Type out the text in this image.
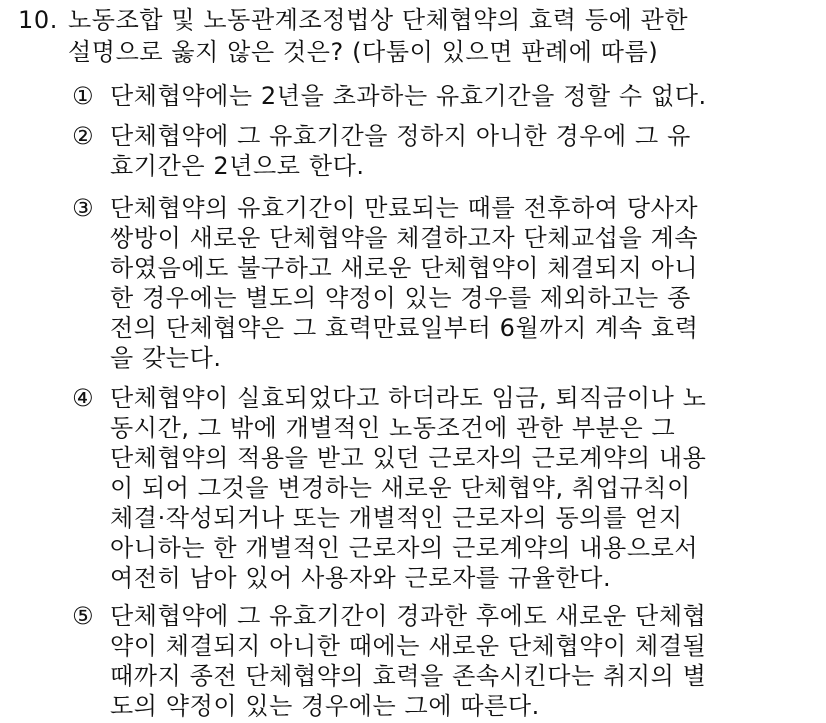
10. 노동조합 및 노동관계조정법상 단체협약의 효력 등에 관한
설명으로 옳지 않은 것은? (다툼이 있으면 판례에 따름)
① 단체협약에는 2년을 초과하는 유효기간을 정할 수 없다.
② 단체협약에 그 유효기간을 정하지 아니한 경우에 그 유
효기간은 2년으로 한다.
③ 단체협약의 유효기간이 만료되는 때를 전후하여 당사자
쌍방이 새로운 단체협약을 체결하고자 단체교섭을 계속
하였음에도 불구하고 새로운 단체협약이 체결되지 아니
한 경우에는 별도의 약정이 있는 경우를 제외하고는 종
전의 단체협약은 그 효력만료일부터 6월까지 계속 효력
을 갖는다.
④ 단체협약이 실효되었다고 하더라도 임금, 퇴직금이나 노
동시간, 그 밖에 개별적인 노동조건에 관한 부분은 그
단체협약의 적용을 받고 있던 근로자의 근로계약의 내용
이 되어 그것을 변경하는 새로운 단체협약, 취업규칙이
체결·작성되거나 또는 개별적인 근로자의 동의를 얻지
아니하는 한 개별적인 근로자의 근로계약의 내용으로서
여전히 남아 있어 사용자와 근로자를 규율한다.
⑤ 단체협약에 그 유효기간이 경과한 후에도 새로운 단체협
약이 체결되지 아니한 때에는 새로운 단체협약이 체결될
때까지 종전 단체협약의 효력을 존속시킨다는 취지의 별
도의 약정이 있는 경우에는 그에 따른다.
